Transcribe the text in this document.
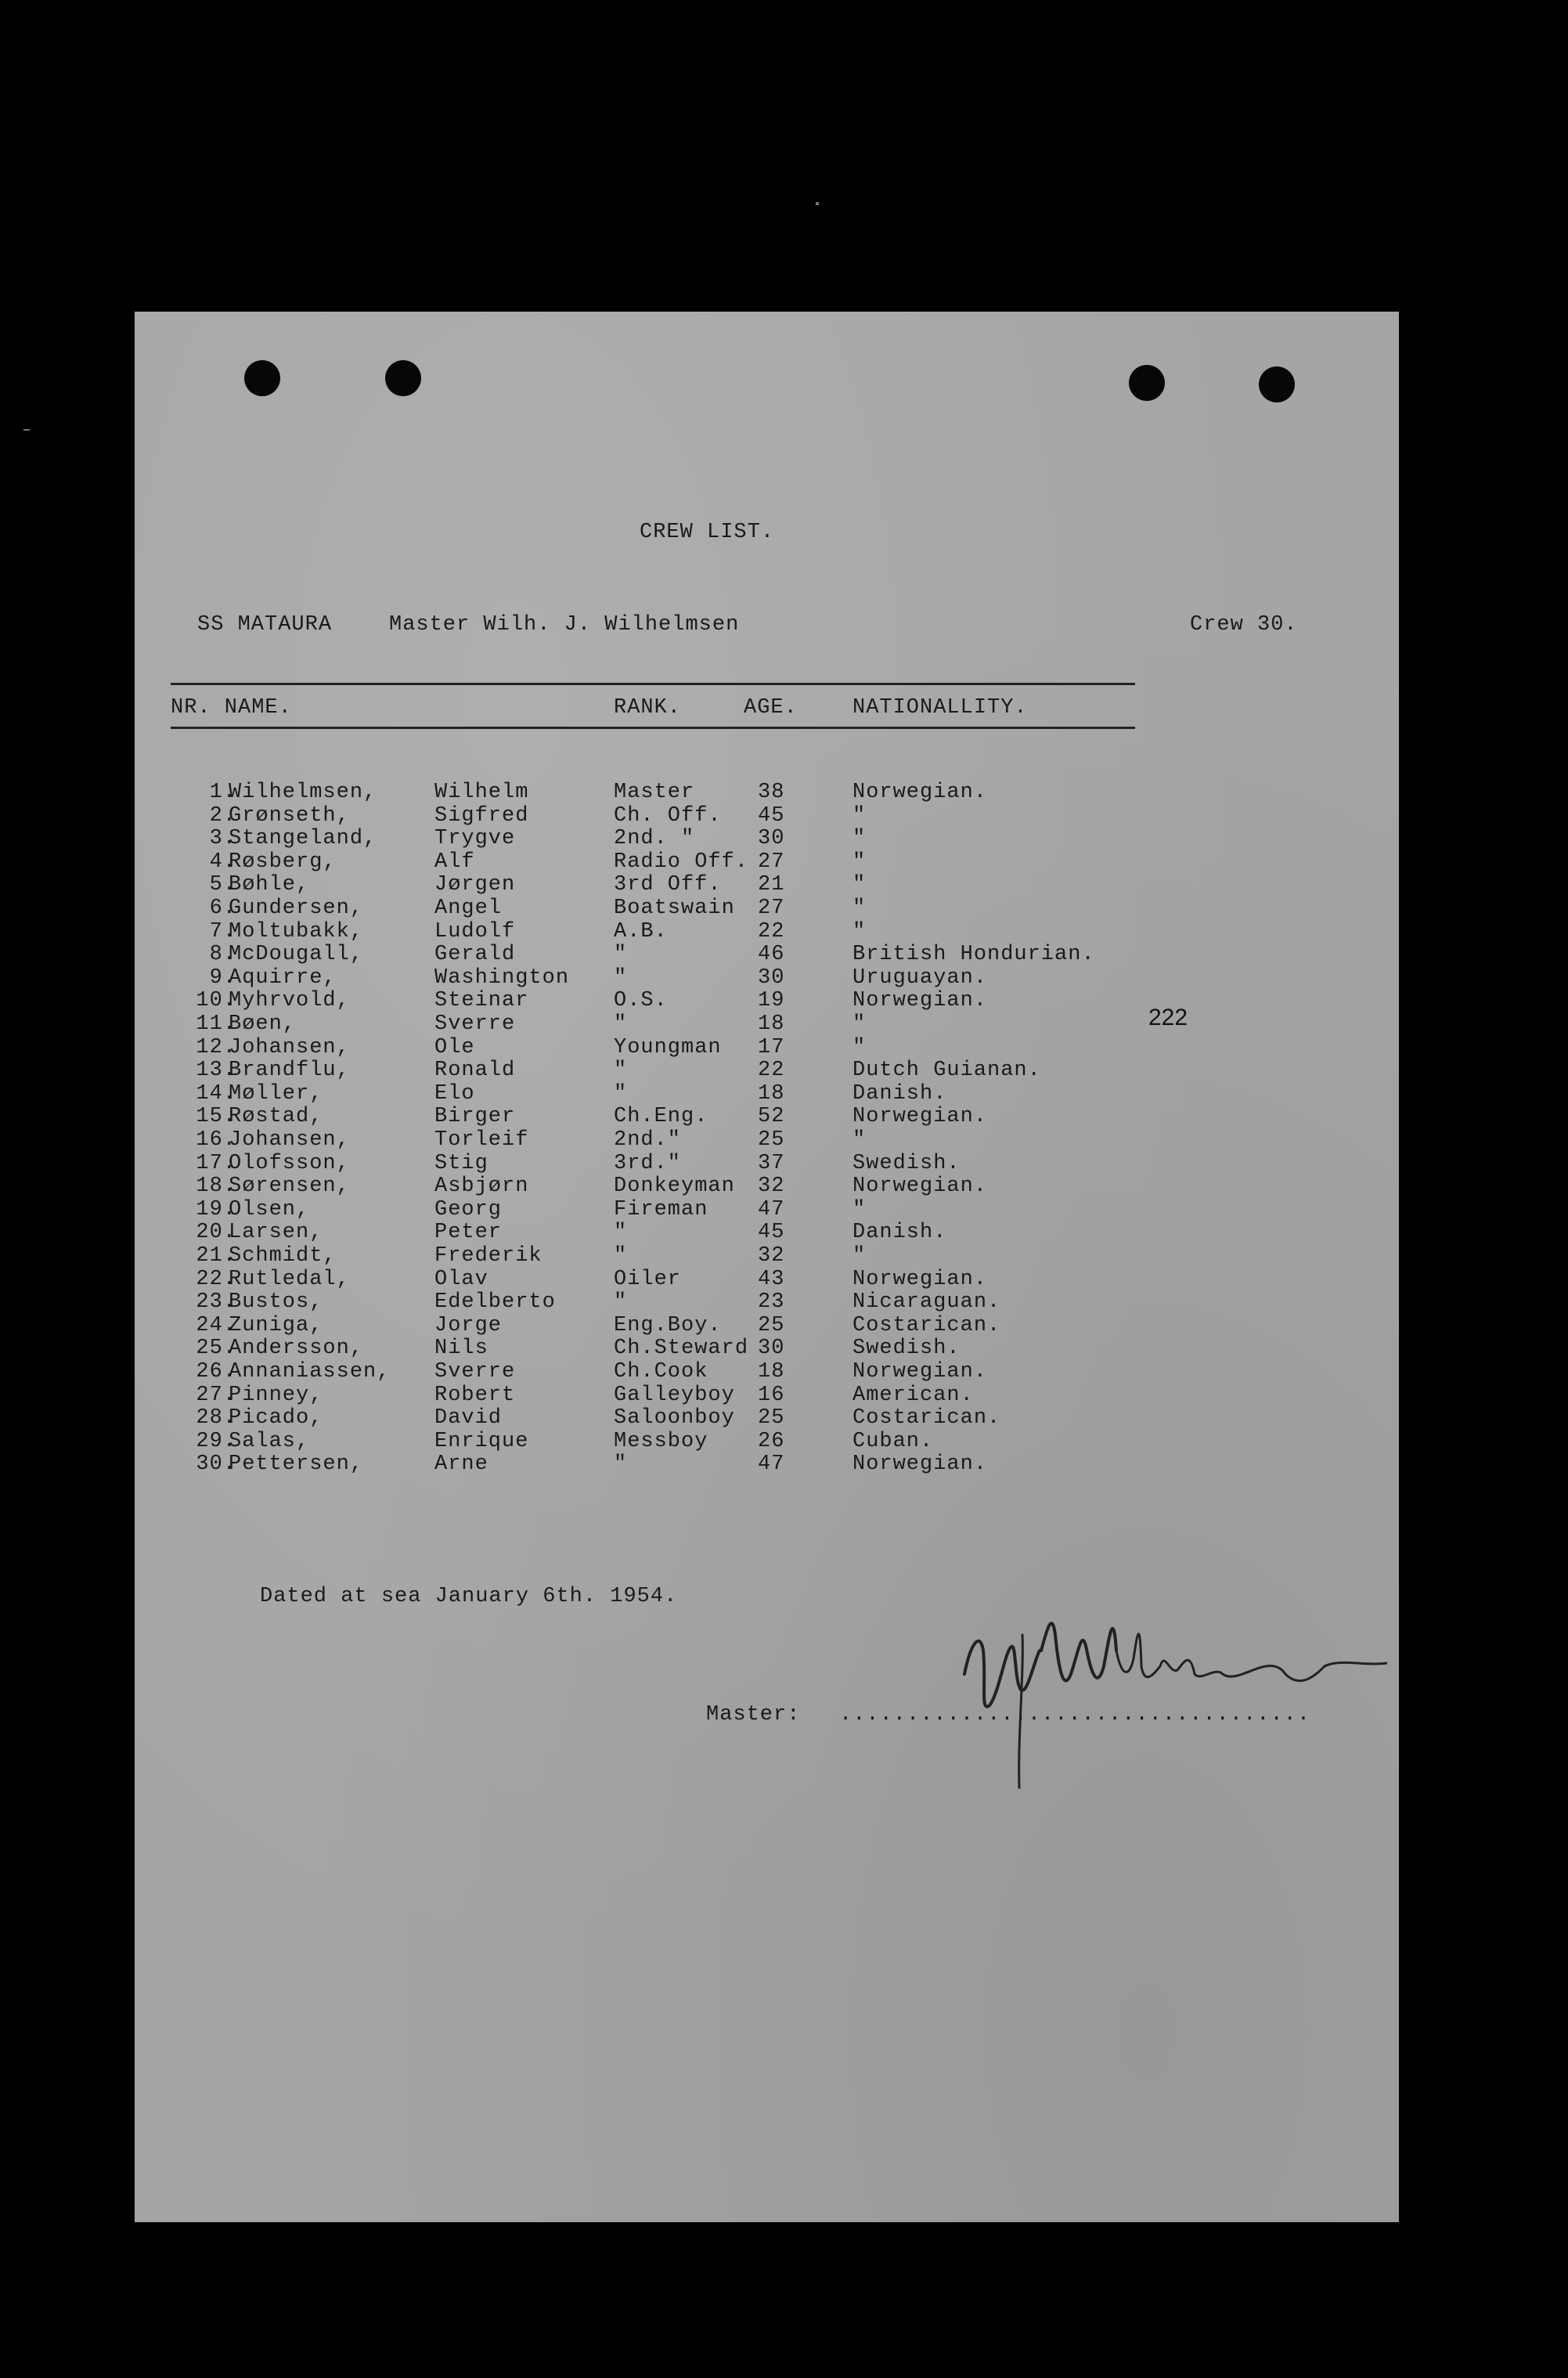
CREW LIST.
SS MATAURA	Master Wilh. J. Wilhelmsen	Crew 30.
NR. NAME.	RANK.	AGE.	NATIONALLITY.
1.
Wilhelmsen,	Wilhelm	Master	38	Norwegian.
2.
Grønseth,	Sigfred	Ch. Off. 45	"
3.
Stangeland,	Trygve	2nd. "	30	"
4.
Røsberg,	Alf	Radio Off. 27	"
5.
Bøhle,	Jørgen	3rd Off. 21	"
6.
Gundersen,	Angel	Boatswain 27	"
7.
Moltubakk,	Ludolf	A.B.	22	"
8.
McDougall,	Gerald	"	46	British Hondurian.
9.
Aquirre,	Washington "	30	Uruguayan.
10.
Myhrvold,	Steinar	O.S.	19	Norwegian.
11.
Bøen,	Sverre	"	18	"
12.
Johansen,	Ole	Youngman 17	"
13.
Brandflu,	Ronald	"	22	Dutch Guianan.
14.
Møller,	Elo	"	18	Danish.
15.
Røstad,	Birger	Ch.Eng. 52	Norwegian.
16.
Johansen,	Torleif	2nd."	25	"
17.
Olofsson,	Stig	3rd."	37	Swedish.
18.
Sørensen,	Asbjørn	Donkeyman 32	Norwegian.
19.
Olsen,	Georg	Fireman 47	"
20.
Larsen,	Peter	"	45	Danish.
21.
Schmidt,	Frederik	"	32	"
22.
Rutledal,	Olav	Oiler	43	Norwegian.
23.
Bustos,	Edelberto	"	23	Nicaraguan.
24.
Zuniga,	Jorge	Eng.Boy. 25	Costarican.
25.
Andersson,	Nils	Ch.Steward 30	Swedish.
26.
Annaniassen, Sverre	Ch.Cook 18	Norwegian.
27.
Pinney,	Robert	Galleyboy 16	American.
28.
Picado,	David	Saloonboy 25	Costarican.
29.
Salas,	Enrique	Messboy 26	Cuban.
30.
Pettersen,	Arne	"	47	Norwegian.
222
Dated at sea January 6th. 1954.
Master: ...................................
